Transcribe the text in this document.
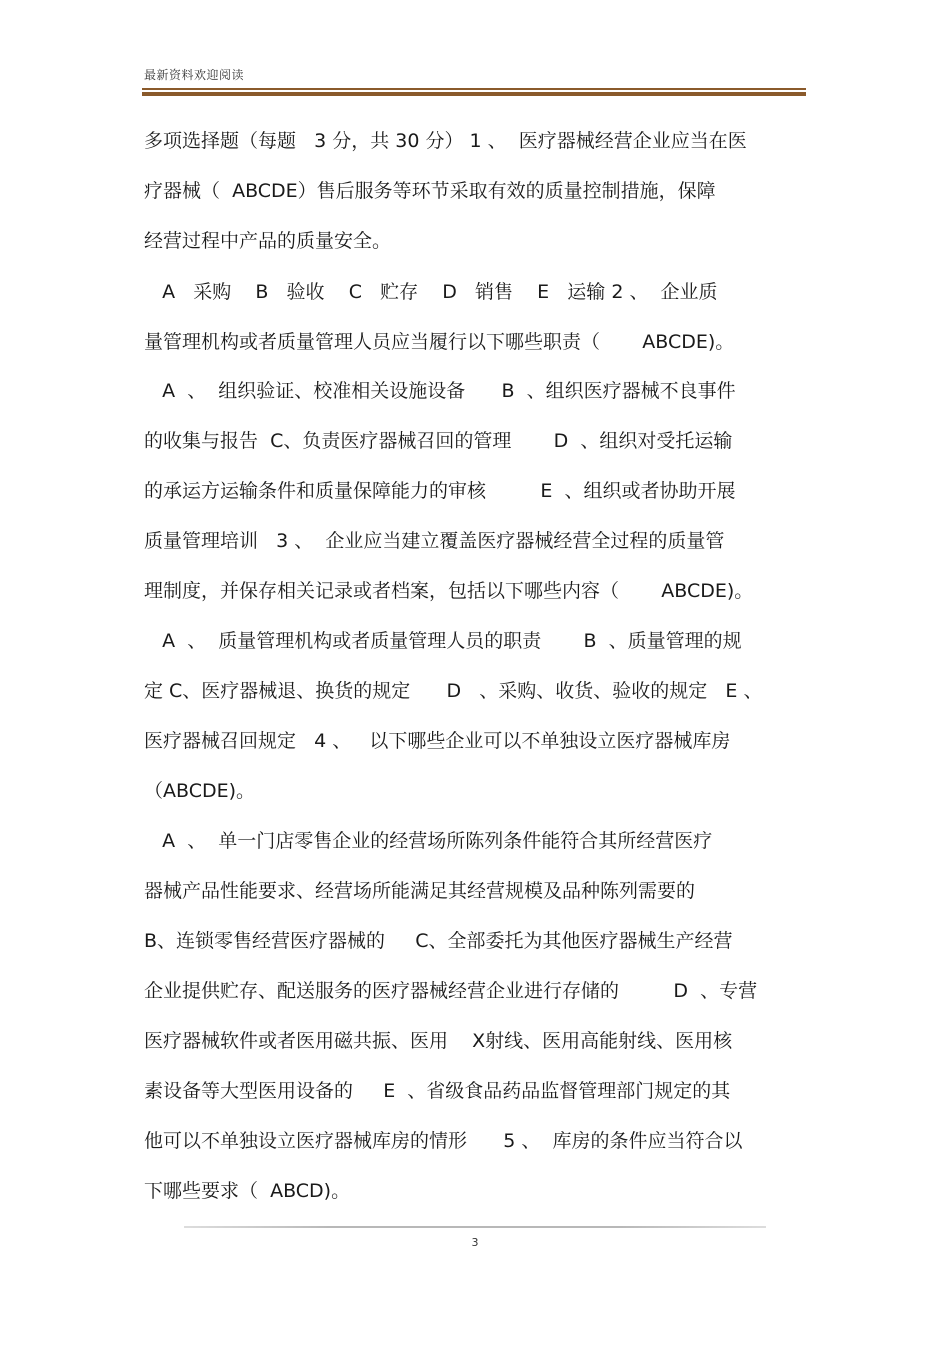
最新资料欢迎阅读
多项选择题（每题   3 分，共 30 分） 1 、  医疗器械经营企业应当在医
疗器械（  ABCDE）售后服务等环节采取有效的质量控制措施，保障
经营过程中产品的质量安全。
A   采购    B   验收    C   贮存    D   销售    E   运输 2 、  企业质
量管理机构或者质量管理人员应当履行以下哪些职责（       ABCDE)。
A  、  组织验证、校准相关设施设备      B  、组织医疗器械不良事件
的收集与报告  C、负责医疗器械召回的管理       D  、组织对受托运输
的承运方运输条件和质量保障能力的审核         E  、组织或者协助开展
质量管理培训   3 、  企业应当建立覆盖医疗器械经营全过程的质量管
理制度，并保存相关记录或者档案，包括以下哪些内容（       ABCDE)。
A  、  质量管理机构或者质量管理人员的职责       B  、质量管理的规
定 C、医疗器械退、换货的规定      D   、采购、收货、验收的规定   E 、
医疗器械召回规定   4 、   以下哪些企业可以不单独设立医疗器械库房
（ABCDE)。
A  、  单一门店零售企业的经营场所陈列条件能符合其所经营医疗
器械产品性能要求、经营场所能满足其经营规模及品种陈列需要的
B、连锁零售经营医疗器械的     C、全部委托为其他医疗器械生产经营
企业提供贮存、配送服务的医疗器械经营企业进行存储的         D  、专营
医疗器械软件或者医用磁共振、医用    X射线、医用高能射线、医用核
素设备等大型医用设备的     E  、省级食品药品监督管理部门规定的其
他可以不单独设立医疗器械库房的情形      5 、  库房的条件应当符合以
下哪些要求（  ABCD)。
3
